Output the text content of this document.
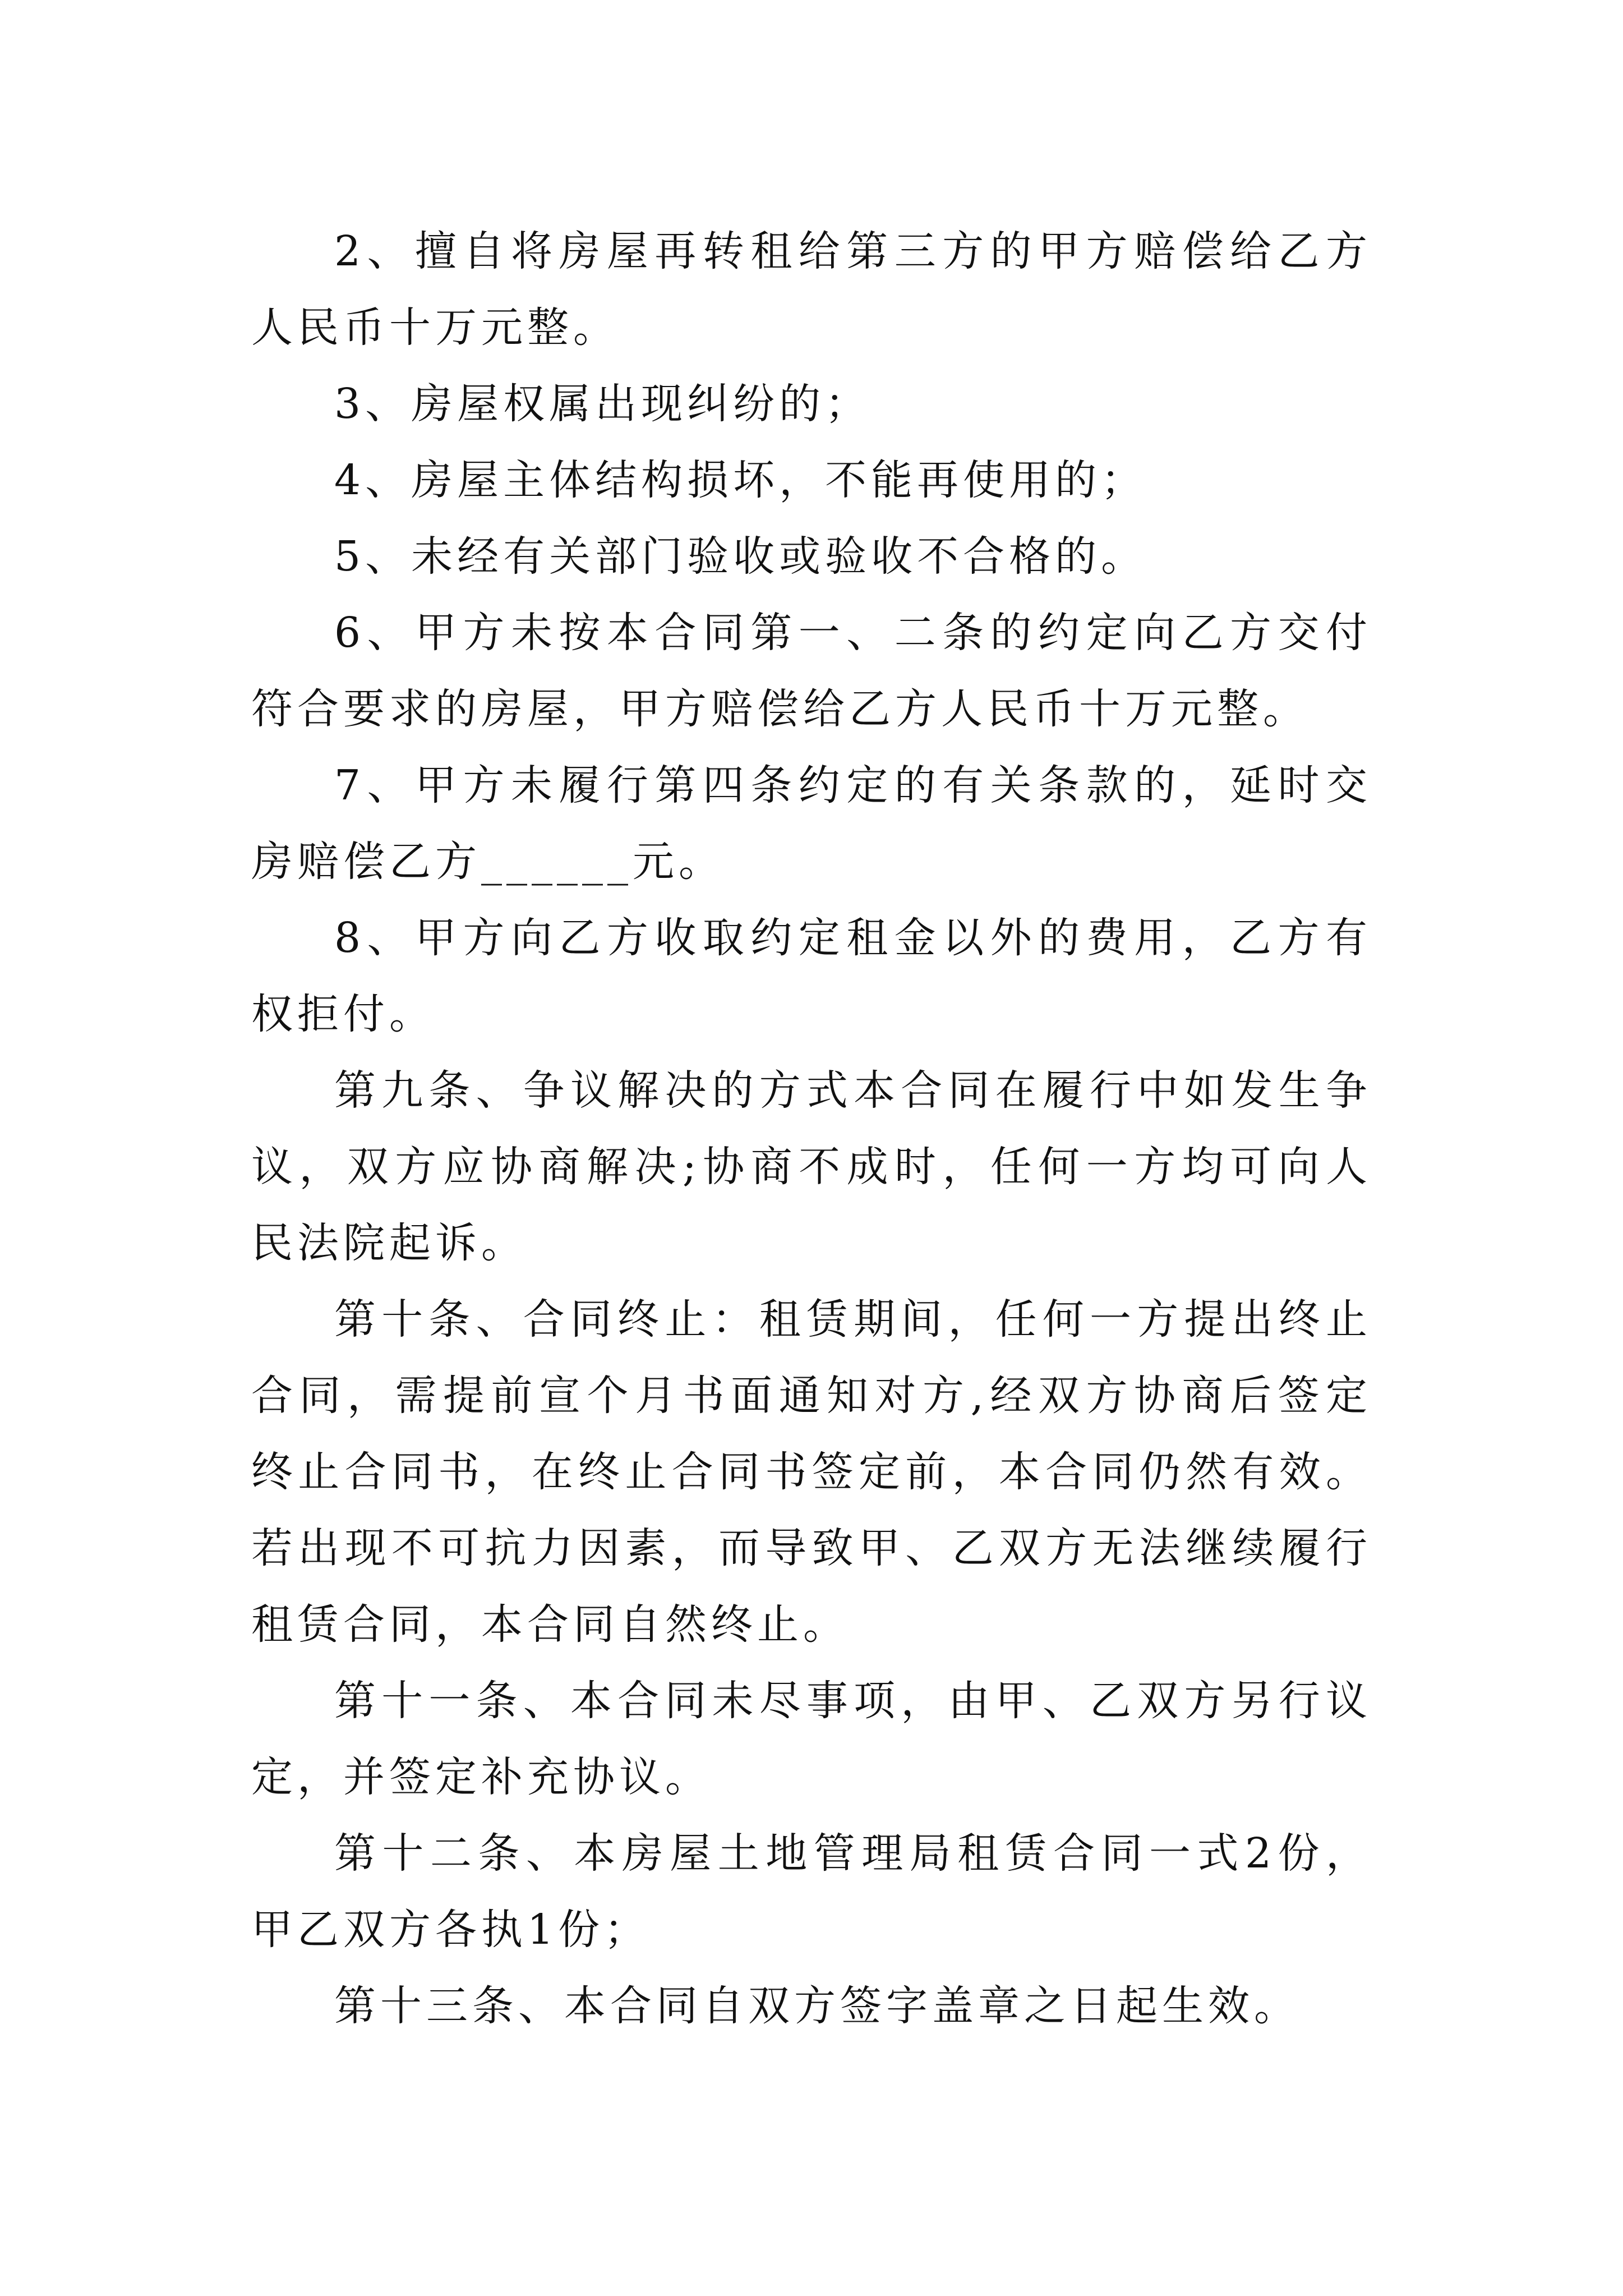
2、擅自将房屋再转租给第三方的甲方赔偿给乙方人民币十万元整。

3、房屋权属出现纠纷的；

4、房屋主体结构损坏，不能再使用的；

5、未经有关部门验收或验收不合格的。

6、甲方未按本合同第一、二条的约定向乙方交付符合要求的房屋，甲方赔偿给乙方人民币十万元整。

7、甲方未履行第四条约定的有关条款的，延时交房赔偿乙方______元。

8、甲方向乙方收取约定租金以外的费用，乙方有权拒付。

第九条、争议解决的方式本合同在履行中如发生争议，双方应协商解决;协商不成时，任何一方均可向人民法院起诉。

第十条、合同终止：租赁期间，任何一方提出终止合同，需提前宣个月书面通知对方,经双方协商后签定终止合同书，在终止合同书签定前，本合同仍然有效。若出现不可抗力因素，而导致甲、乙双方无法继续履行租赁合同，本合同自然终止。

第十一条、本合同未尽事项，由甲、乙双方另行议定，并签定补充协议。

第十二条、本房屋土地管理局租赁合同一式2份，甲乙双方各执1份；

第十三条、本合同自双方签字盖章之日起生效。
